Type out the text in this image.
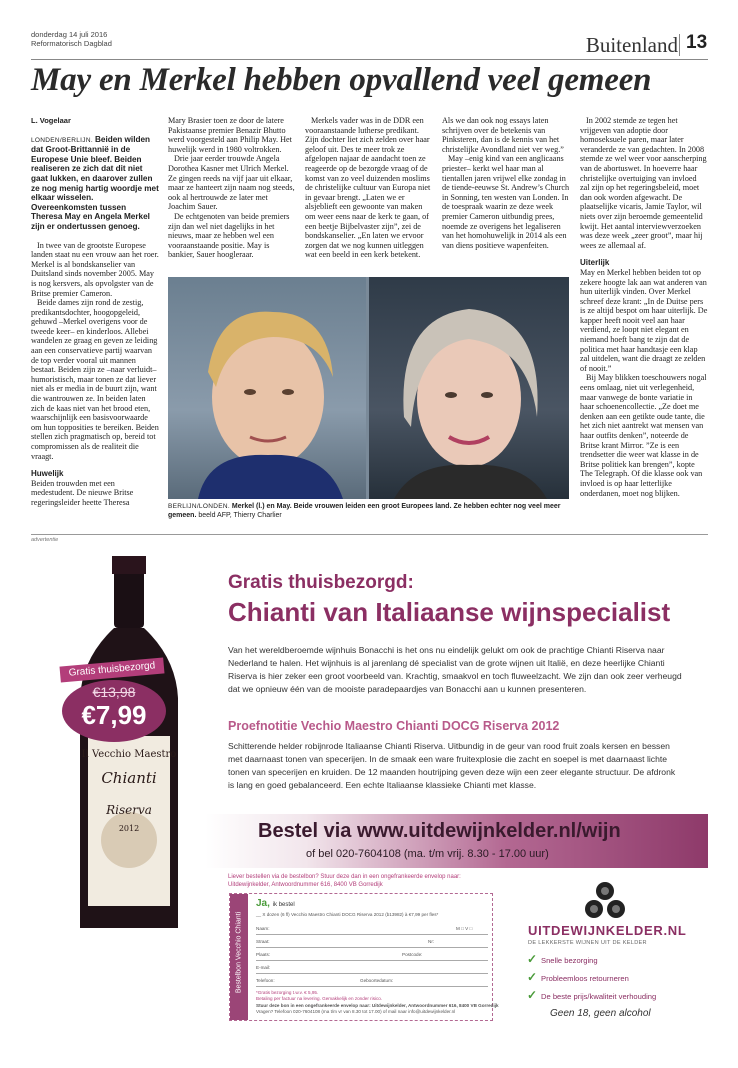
donderdag 14 juli 2016
Reformatorisch Dagblad	Buitenland 13
May en Merkel hebben opvallend veel gemeen
L. Vogelaar

LONDEN/BERLIJN. Beiden wilden dat Groot-Brittannië in de Europese Unie bleef. Beiden realiseren ze zich dat dit niet gaat lukken, en daarover zullen ze nog menig hartig woordje met elkaar wisselen. Overeenkomsten tussen Theresa May en Angela Merkel zijn er ondertussen genoeg.

In twee van de grootste Europese landen staat nu een vrouw aan het roer. Merkel is al bondskanselier van Duitsland sinds november 2005. May is nog kersvers, als opvolgster van de Britse premier Cameron.

Beide dames zijn rond de zestig, predikantsdochter, hoogopgeleid, gehuwd –Merkel overigens voor de tweede keer– en kinderloos. Allebei wandelen ze graag en geven ze leiding aan een conservatieve partij waarvan de top verder vooral uit mannen bestaat. Beiden zijn ze –naar verluidt– humoristisch, maar tonen ze dat liever niet als er media in de buurt zijn, want die wantrouwen ze. In beiden laten zich de kaas niet van het brood eten, waarschijnlijk een basisvoorwaarde om hun topposities te bereiken. Beiden stellen zich pragmatisch op, bereid tot compromissen als de realiteit die vraagt.

Huwelijk

Beiden trouwden met een medestudent. De nieuwe Britse regeringsleider heette Theresa

Mary Brasier toen ze door de latere Pakistaanse premier Benazir Bhutto werd voorgesteld aan Philip May. Het huwelijk werd in 1980 voltrokken.

Drie jaar eerder trouwde Angela Dorothea Kasner met Ulrich Merkel. Ze gingen reeds na vijf jaar uit elkaar, maar ze hanteert zijn naam nog steeds, ook al hertrouwde ze later met Joachim Sauer.

De echtgenoten van beide premiers zijn dan wel niet dagelijks in het nieuws, maar ze hebben wel een vooraanstaande positie. May is bankier, Sauer hoogleraar.

Merkels vader was in de DDR een vooraanstaande lutherse predikant. Zijn dochter liet zich zelden over haar geloof uit. Des te meer trok ze afgelopen najaar de aandacht toen ze reageerde op de bezorgde vraag of de komst van zo veel duizenden moslims de christelijke cultuur van Europa niet in gevaar brengt. „Laten we er alsjeblieft een gewoonte van maken om weer eens naar de kerk te gaan, of een beetje Bijbelvaster zijn”, zei de bondskanselier. „En laten we ervoor zorgen dat we nog kunnen uitleggen wat een beeld in een kerk betekent.

Als we dan ook nog essays laten schrijven over de betekenis van Pinksteren, dan is de kennis van het christelijke Avondland niet ver weg.”

May –enig kind van een anglicaans priester– kerkt wel haar man al tientallen jaren vrijwel elke zondag in de tiende-eeuwse St. Andrew’s Church in Sonning, ten westen van Londen. In de toespraak waarin ze deze week premier Cameron uitbundig prees, noemde ze overigens het legaliseren van het homohuwelijk in 2014 als een van diens positieve wapenfeiten.

In 2002 stemde ze tegen het vrijgeven van adoptie door homoseksuele paren, maar later veranderde ze van gedachten. In 2008 stemde ze wel weer voor aanscherping van de abortuswet. In hoeverre haar christelijke overtuiging van invloed zal zijn op het regeringsbeleid, moet dan ook worden afgewacht. De plaatselijke vicaris, Jamie Taylor, wil niets over zijn beroemde gemeentelid kwijt. Het aantal interviewverzoeken was deze week „zeer groot”, maar hij wees ze allemaal af.

Uiterlijk

May en Merkel hebben beiden tot op zekere hoogte lak aan wat anderen van hun uiterlijk vinden. Over Merkel schreef deze krant: „In de Duitse pers is ze altijd bespot om haar uiterlijk. De kapper heeft nooit veel aan haar verdiend, ze loopt niet elegant en niemand hoeft bang te zijn dat de politica met haar handtasje een klap zal uitdelen, want die draagt ze zelden of nooit.”

Bij May blikken toeschouwers nogal eens omlaag, niet uit verlegenheid, maar vanwege de bonte variatie in haar schoenencollectie. „Ze doet me denken aan een getikte oude tante, die het zich niet aantrekt wat mensen van haar outfits denken”, noteerde de Britse krant Mirror. ”Ze is een trendsetter die weer wat klasse in de Britse politiek kan brengen”, kopte The Telegraph. Of die klasse ook van invloed is op haar letterlijke onderdanen, moet nog blijken.

BERLIJN/LONDEN. Merkel (l.) en May. Beide vrouwen leiden een groot Europees land. Ze hebben echter nog veel meer gemeen. beeld AFP, Thierry Charlier
advertentie
Gratis thuisbezorgd:
Chianti van Italiaanse wijnspecialist
Van het wereldberoemde wijnhuis Bonacchi is het ons nu eindelijk gelukt om ook de prachtige Chianti Riserva naar Nederland te halen. Het wijnhuis is al jarenlang dé specialist van de grote wijnen uit Italië, en deze heerlijke Chianti Riserva is hier zeker een groot voorbeeld van. Krachtig, smaakvol en toch fluweelzacht. We zijn dan ook zeer verheugd dat we opnieuw één van de mooiste paradepaardjes van Bonacchi aan u kunnen presenteren.
Proefnotitie Vechio Maestro Chianti DOCG Riserva 2012
Schitterende helder robijnrode Italiaanse Chianti Riserva. Uitbundig in de geur van rood fruit zoals kersen en bessen met daarnaast tonen van specerijen. In de smaak een ware fruitexplosie die zacht en soepel is met daarnaast lichte tonen van specerijen en kruiden. De 12 maanden houtrijping geven deze wijn een zeer elegante structuur. De afdronk is lang en goed gebalanceerd. Een echte Italiaanse klassieke Chianti met klasse.
Bestel via www.uitdewijnkelder.nl/wijn
of bel 020-7604108 (ma. t/m vrij. 8.30 - 17.00 uur)
Il Vecchio Maestro
Chianti
Riserva
2012
Gratis thuisbezorgd
€13,98
€7,99
Liever bestellen via de bestelbon? Stuur deze dan in een ongefrankeerde envelop naar: Uitdewijnkelder, Antwoordnummer 616, 8400 VB Gorredijk
Bestelbon Vecchio Chianti
Ja, ik bestel
__ X dozen (6 fl) Vecchio Maestro Chianti DOCG Riserva 2012 (b13982) à €7,99 per fles*
Naam:	M □ V □
Straat:	Nr:
Plaats:	Postcode:
E-mail:
Telefoon:	Geboortedatum:
*Gratis bezorging t.w.v. € 5,95.
Betaling per factuur na levering. Gemakkelijk en zonder risico.
Stuur deze bon in een ongefrankeerde envelop naar: Uitdewijnkelder, Antwoordnummer 616, 8400 VB Gorredijk
Vragen? Telefoon 020-7604108 (ma t/m vr van 8.30 tot 17.00) of mail naar info@uitdewijnkelder.nl
UITDEWIJNKELDER.NL
DE LEKKERSTE WIJNEN UIT DE KELDER
✓ Snelle bezorging
✓ Probleemloos retourneren
✓ De beste prijs/kwaliteit verhouding
Geen 18, geen alcohol
